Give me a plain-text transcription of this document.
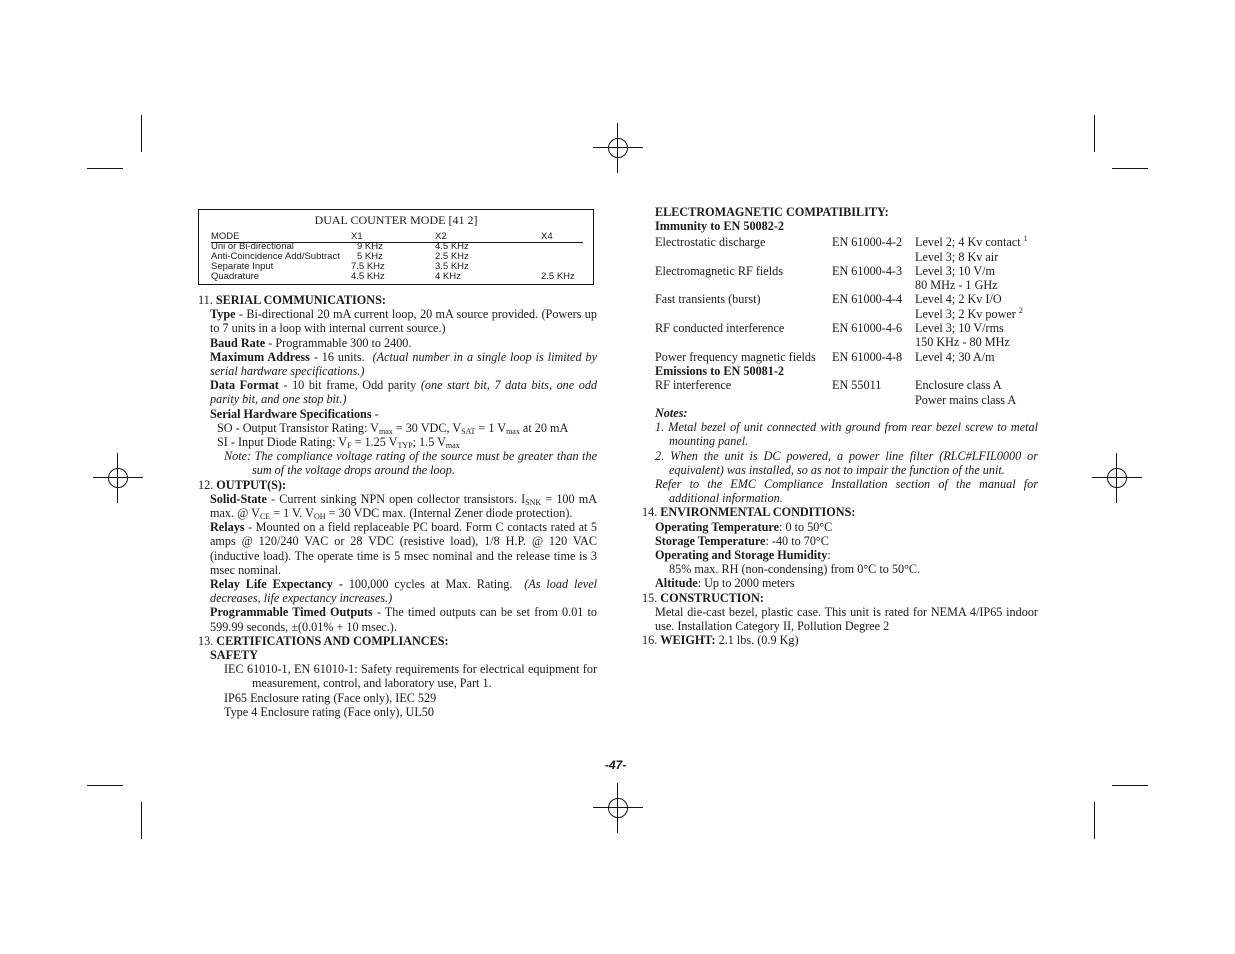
DUAL COUNTER MODE [41 2]
MODE	X1	X2	X4
Uni or Bi-directional	9 KHz	4.5 KHz
Anti-Coincidence Add/Subtract 5 KHz	2.5 KHz
Separate Input	7.5 KHz	3.5 KHz
Quadrature	4.5 KHz	4 KHz	2.5 KHz

11. SERIAL COMMUNICATIONS:

Type - Bi-directional 20 mA current loop, 20 mA source provided. (Powers up to 7 units in a loop with internal current source.)

Baud Rate - Programmable 300 to 2400.

Maximum Address - 16 units. (Actual number in a single loop is limited by serial hardware specifications.)

Data Format - 10 bit frame, Odd parity (one start bit, 7 data bits, one odd parity bit, and one stop bit.)

Serial Hardware Specifications -

SO - Output Transistor Rating: $V_{max} = 30$ VDC, $V_{SAT} = 1$ $V_{max}$ at 20 mA

SI - Input Diode Rating: $V_F = 1.25$ $V_{TYP}$; 1.5 $V_{max}$

Note: The compliance voltage rating of the source must be greater than the sum of the voltage drops around the loop.

12. OUTPUT(S):

Solid-State - Current sinking NPN open collector transistors. $I_{SNK} = 100$ mA max. @ $V_{CE} = 1$ V. $V_{OH} = 30$ VDC max. (Internal Zener diode protection).

Relays - Mounted on a field replaceable PC board. Form C contacts rated at 5 amps @ 120/240 VAC or 28 VDC (resistive load), 1/8 H.P. @ 120 VAC (inductive load). The operate time is 5 msec nominal and the release time is 3 msec nominal.

Relay Life Expectancy - 100,000 cycles at Max. Rating. (As load level decreases, life expectancy increases.)

Programmable Timed Outputs - The timed outputs can be set from 0.01 to 599.99 seconds, ±(0.01% + 10 msec.).

13. CERTIFICATIONS AND COMPLIANCES:

SAFETY

IEC 61010-1, EN 61010-1: Safety requirements for electrical equipment for measurement, control, and laboratory use, Part 1.

IP65 Enclosure rating (Face only), IEC 529

Type 4 Enclosure rating (Face only), UL50

ELECTROMAGNETIC COMPATIBILITY:

Immunity to EN 50082-2

Electrostatic discharge	EN 61000-4-2 Level 2; 4 Kv contact $^1$
Level 3; 8 Kv air
Electromagnetic RF fields	EN 61000-4-3 Level 3; 10 V/m
80 MHz - 1 GHz
Fast transients (burst)	EN 61000-4-4 Level 4; 2 Kv I/O
Level 3; 2 Kv power $^2$
RF conducted interference	EN 61000-4-6 Level 3; 10 V/rms
150 KHz - 80 MHz
Power frequency magnetic fields EN 61000-4-8 Level 4; 30 A/m
Emissions to EN 50081-2
RF interference	EN 55011	Enclosure class A
Power mains class A

Notes:

1. Metal bezel of unit connected with ground from rear bezel screw to metal mounting panel.

2. When the unit is DC powered, a power line filter (RLC#LFIL0000 or equivalent) was installed, so as not to impair the function of the unit.

Refer to the EMC Compliance Installation section of the manual for additional information.

14. ENVIRONMENTAL CONDITIONS:

Operating Temperature: 0 to 50°C

Storage Temperature: -40 to 70°C

Operating and Storage Humidity:

85% max. RH (non-condensing) from 0°C to 50°C.

Altitude: Up to 2000 meters

15. CONSTRUCTION:

Metal die-cast bezel, plastic case. This unit is rated for NEMA 4/IP65 indoor use. Installation Category II, Pollution Degree 2

16. WEIGHT: 2.1 lbs. (0.9 Kg)

-47-
